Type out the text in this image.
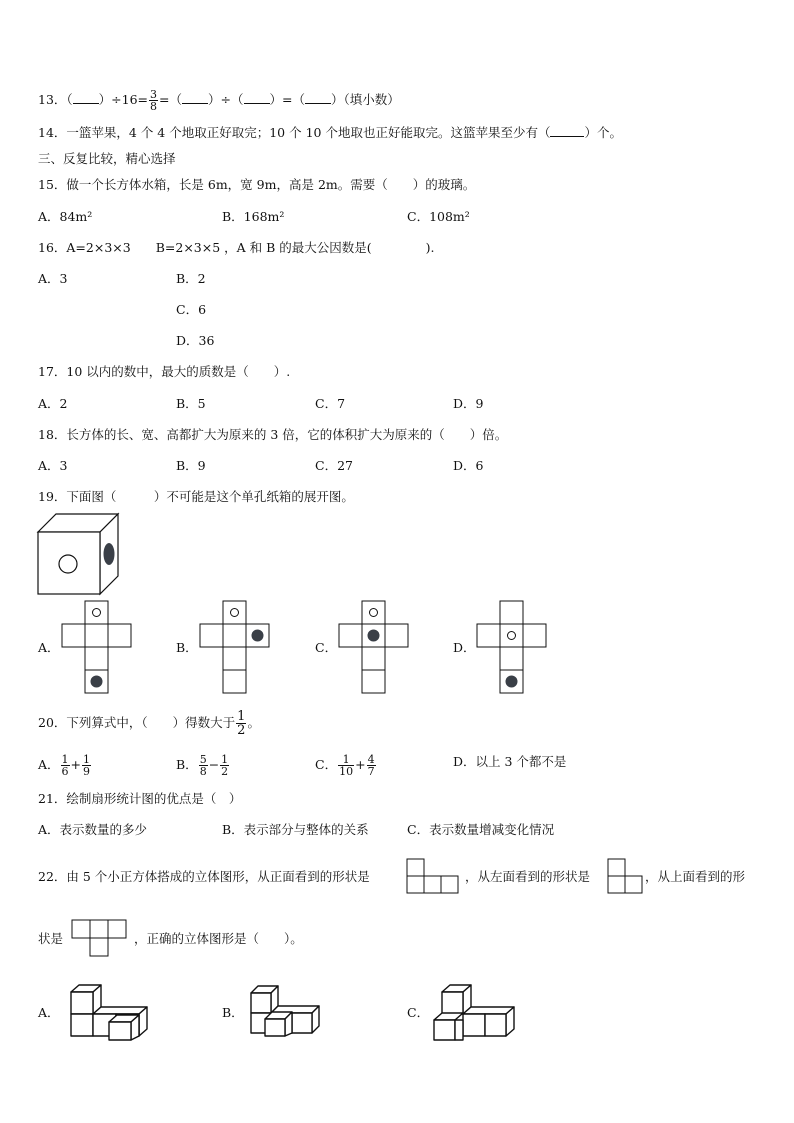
13．（ ）$\div 16= \frac{3}{8}$ =（ ）÷（ ）=（ ）（填小数）
14．一篮苹果，4 个 4 个地取正好取完；10 个 10 个地取也正好能取完。这篮苹果至少有（	）个。
三、反复比较，精心选择
15．做一个长方体水箱，长是 6m，宽 9m，高是 2m。需要（　　）的玻璃。
A．84m²	B．168m²	C．108m²
16．A=2×3×3　　B=2×3×5 ，A 和 B 的最大公因数是(　　　　 ).
A．3	B．2
C．6
D．36
17．10 以内的数中，最大的质数是（　　）.
A．2	B．5	C．7	D．9
18．长方体的长、宽、高都扩大为原来的 3 倍，它的体积扩大为原来的（　　）倍。
A．3	B．9	C．27	D．6
19．下面图（　　　）不可能是这个单孔纸箱的展开图。
A．	B．	C．	D．
20．下列算式中，（　　）得数大于 $\frac{1}{2}$ 。
A． $\frac{1}{6} + \frac{1}{9}$	B． $\frac{5}{8} - \frac{1}{2}$	C． $\frac{1}{10} + \frac{4}{7}$	D．以上 3 个都不是
21．绘制扇形统计图的优点是（　）
A．表示数量的多少	B．表示部分与整体的关系	C．表示数量增减变化情况
22．由 5 个小正方体搭成的立体图形，从正面看到的形状是	，从左面看到的形状是	，从上面看到的形
状是	，正确的立体图形是（　　）。
A．	B．	C．
